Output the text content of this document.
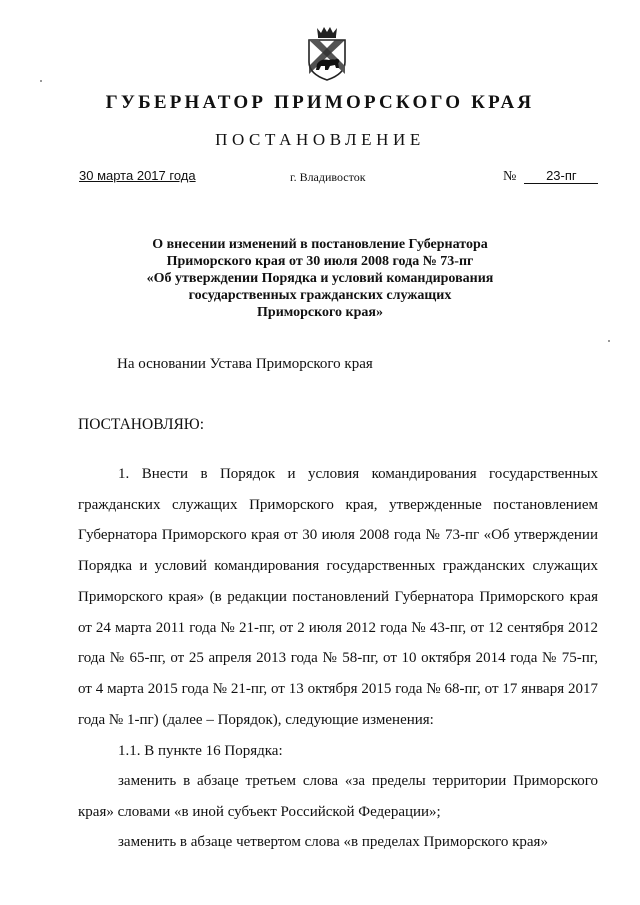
ГУБЕРНАТОР ПРИМОРСКОГО КРАЯ
ПОСТАНОВЛЕНИЕ
30 марта 2017 года	г. Владивосток	№ 23-пг
О внесении изменений в постановление Губернатора
Приморского края от 30 июля 2008 года № 73-пг
«Об утверждении Порядка и условий командирования
государственных гражданских служащих
Приморского края»
На основании Устава Приморского края
ПОСТАНОВЛЯЮ:
1. Внести в Порядок и условия командирования государственных гражданских служащих Приморского края, утвержденные постановлением Губернатора Приморского края от 30 июля 2008 года № 73-пг «Об утверждении Порядка и условий командирования государственных гражданских служащих Приморского края» (в редакции постановлений Губернатора Приморского края от 24 марта 2011 года № 21-пг, от 2 июля 2012 года № 43-пг, от 12 сентября 2012 года № 65-пг, от 25 апреля 2013 года № 58-пг, от 10 октября 2014 года № 75-пг, от 4 марта 2015 года № 21-пг, от 13 октября 2015 года № 68-пг, от 17 января 2017 года № 1-пг) (далее – Порядок), следующие изменения:
1.1. В пункте 16 Порядка:
заменить в абзаце третьем слова «за пределы территории Приморского края» словами «в иной субъект Российской Федерации»;
заменить в абзаце четвертом слова «в пределах Приморского края»
